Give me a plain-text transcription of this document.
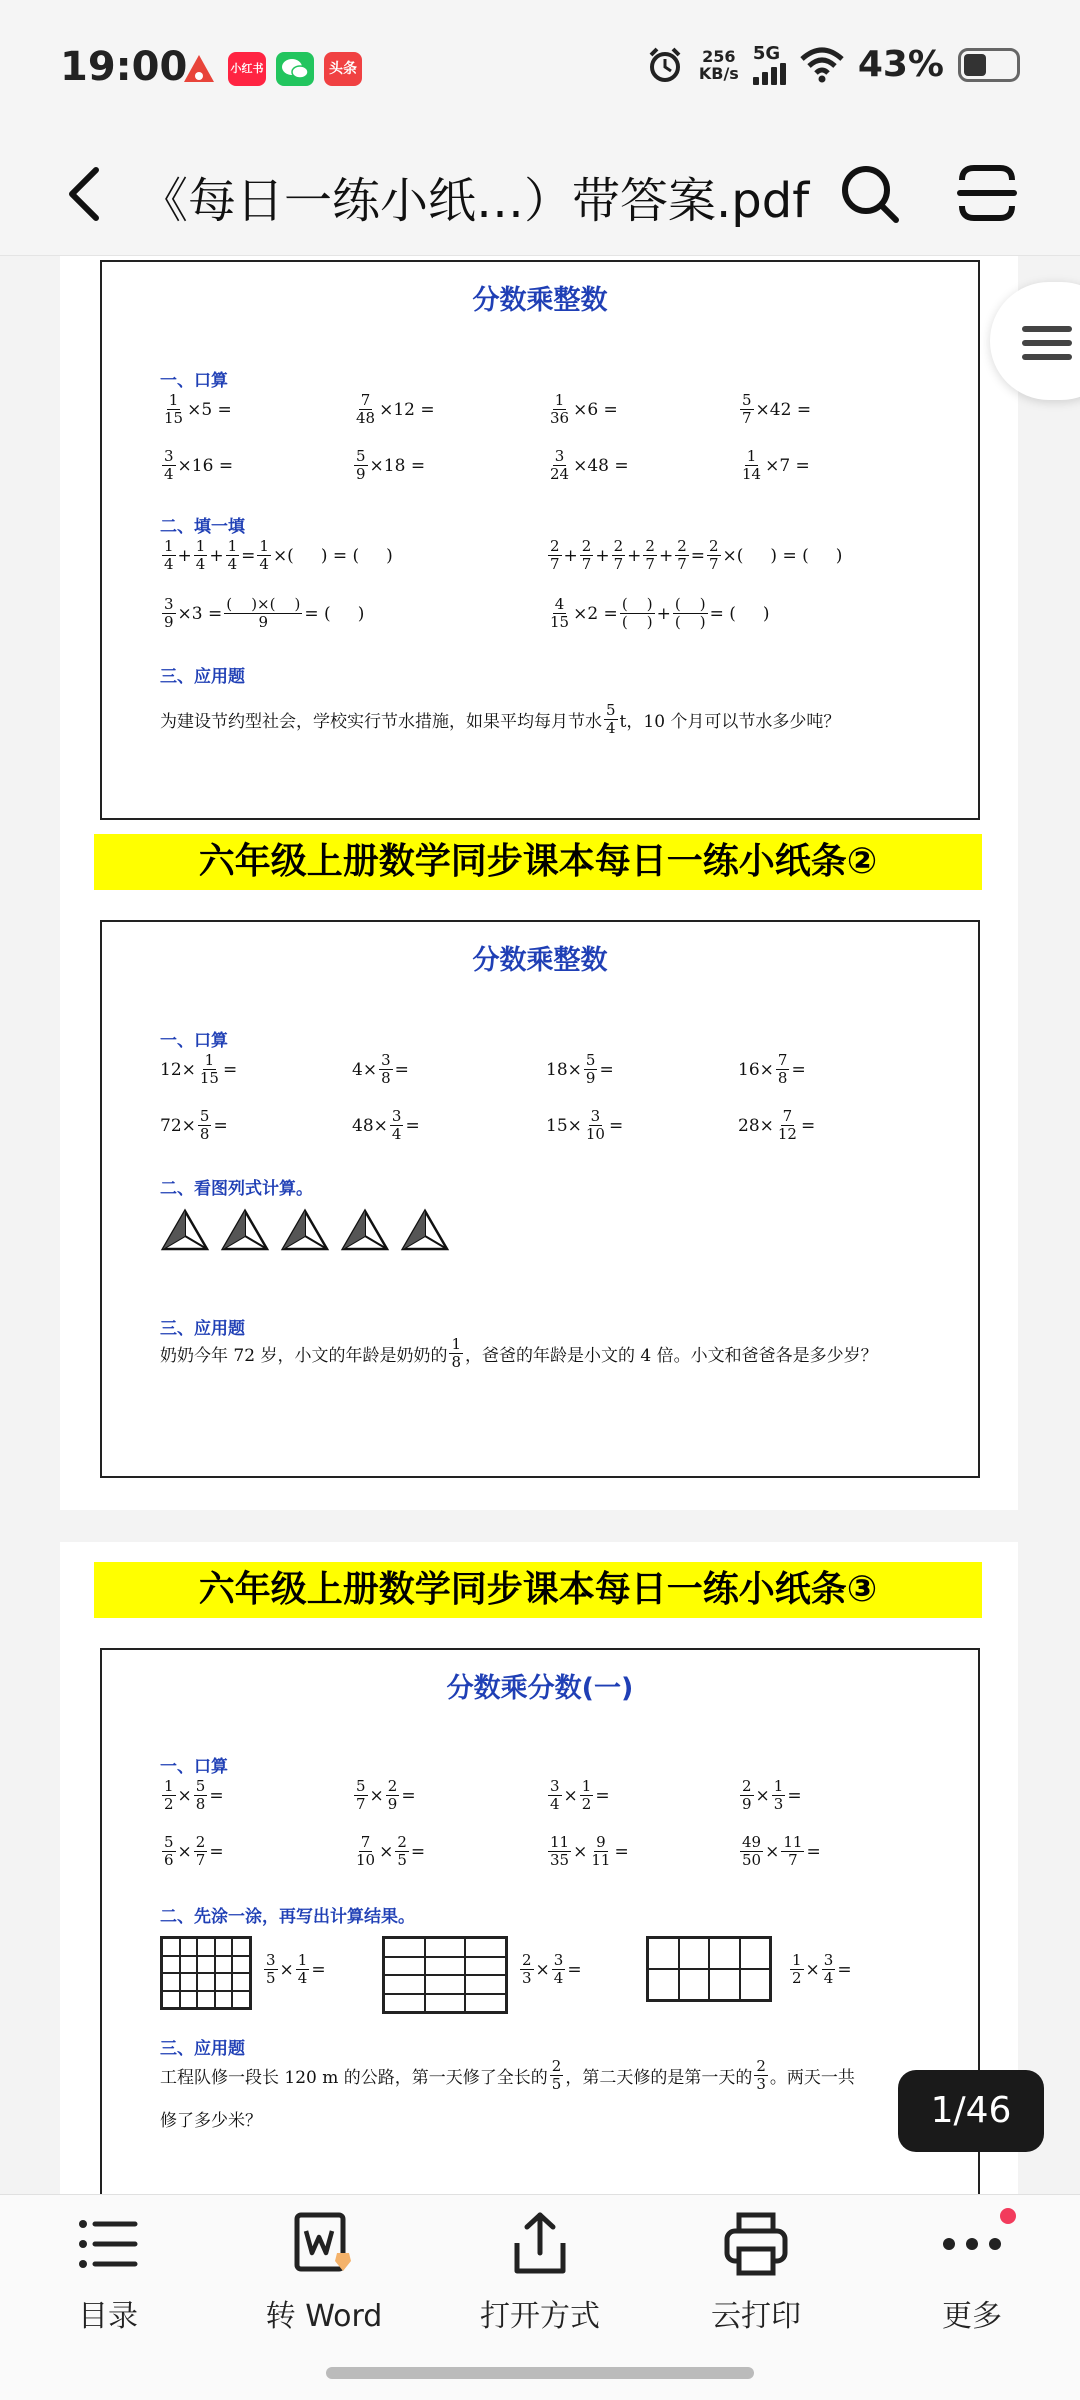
19:00	小红书	头条
256
KB/s
5G 43%
《每日一练小纸…）带答案.pdf
分数乘整数
一、口算
$\frac{1}{15} \times 5$ =	$\frac{7}{48} \times 12$ =	$\frac{1}{36} \times 6$ =	$\frac{5}{7} \times 42$ =
$\frac{3}{4} \times 16$ =	$\frac{5}{9} \times 18$ =	$\frac{3}{24} \times 48$ =	$\frac{1}{14} \times 7$ =
二、填一填
$\frac{1}{4} + \frac{1}{4} + \frac{1}{4} = \frac{1}{4}$ ×(     ) = (     )	$\frac{2}{7} + \frac{2}{7} + \frac{2}{7} + \frac{2}{7} + \frac{2}{7} = \frac{2}{7}$ ×(     ) = (     )
$\frac{3}{9} \times 3 = \frac{( )\times( )}{9}$ = (     )	$\frac{4}{15} \times 2 = \frac{( )}{( )} + \frac{( )}{( )}$ = (     )
三、应用题
为建设节约型社会，学校实行节水措施，如果平均每月节水 $\frac{5}{4}$ t，10 个月可以节水多少吨？
六年级上册数学同步课本每日一练小纸条②
分数乘整数
一、口算
$12\times \frac{1}{15}$ =	$4\times \frac{3}{8}$ =	$18\times \frac{5}{9}$ =	$16\times \frac{7}{8}$ =
$72\times \frac{5}{8}$ =	$48\times \frac{3}{4}$ =	$15\times \frac{3}{10}$ =	$28\times \frac{7}{12}$ =
二、看图列式计算。
三、应用题
奶奶今年 72 岁，小文的年龄是奶奶的 $\frac{1}{8}$ ，爸爸的年龄是小文的 4 倍。小文和爸爸各是多少岁？
六年级上册数学同步课本每日一练小纸条③
分数乘分数(一)
一、口算
$\frac{1}{2} \times \frac{5}{8}$ =	$\frac{5}{7} \times \frac{2}{9}$ =	$\frac{3}{4} \times \frac{1}{2}$ =	$\frac{2}{9} \times \frac{1}{3}$ =
$\frac{5}{6} \times \frac{2}{7}$ =	$\frac{7}{10} \times \frac{2}{5}$ =	$\frac{11}{35} \times \frac{9}{11}$ =	$\frac{49}{50} \times \frac{11}{7}$ =
二、先涂一涂，再写出计算结果。
$\frac{3}{5} \times \frac{1}{4}$ =	$\frac{2}{3} \times \frac{3}{4}$ =	$\frac{1}{2} \times \frac{3}{4}$ =
三、应用题
工程队修一段长 120 m 的公路，第一天修了全长的 $\frac{2}{5}$ ，第二天修的是第一天的 $\frac{2}{3}$ 。两天一共
修了多少米？	1/46
目录	转 Word	打开方式	云打印	更多
